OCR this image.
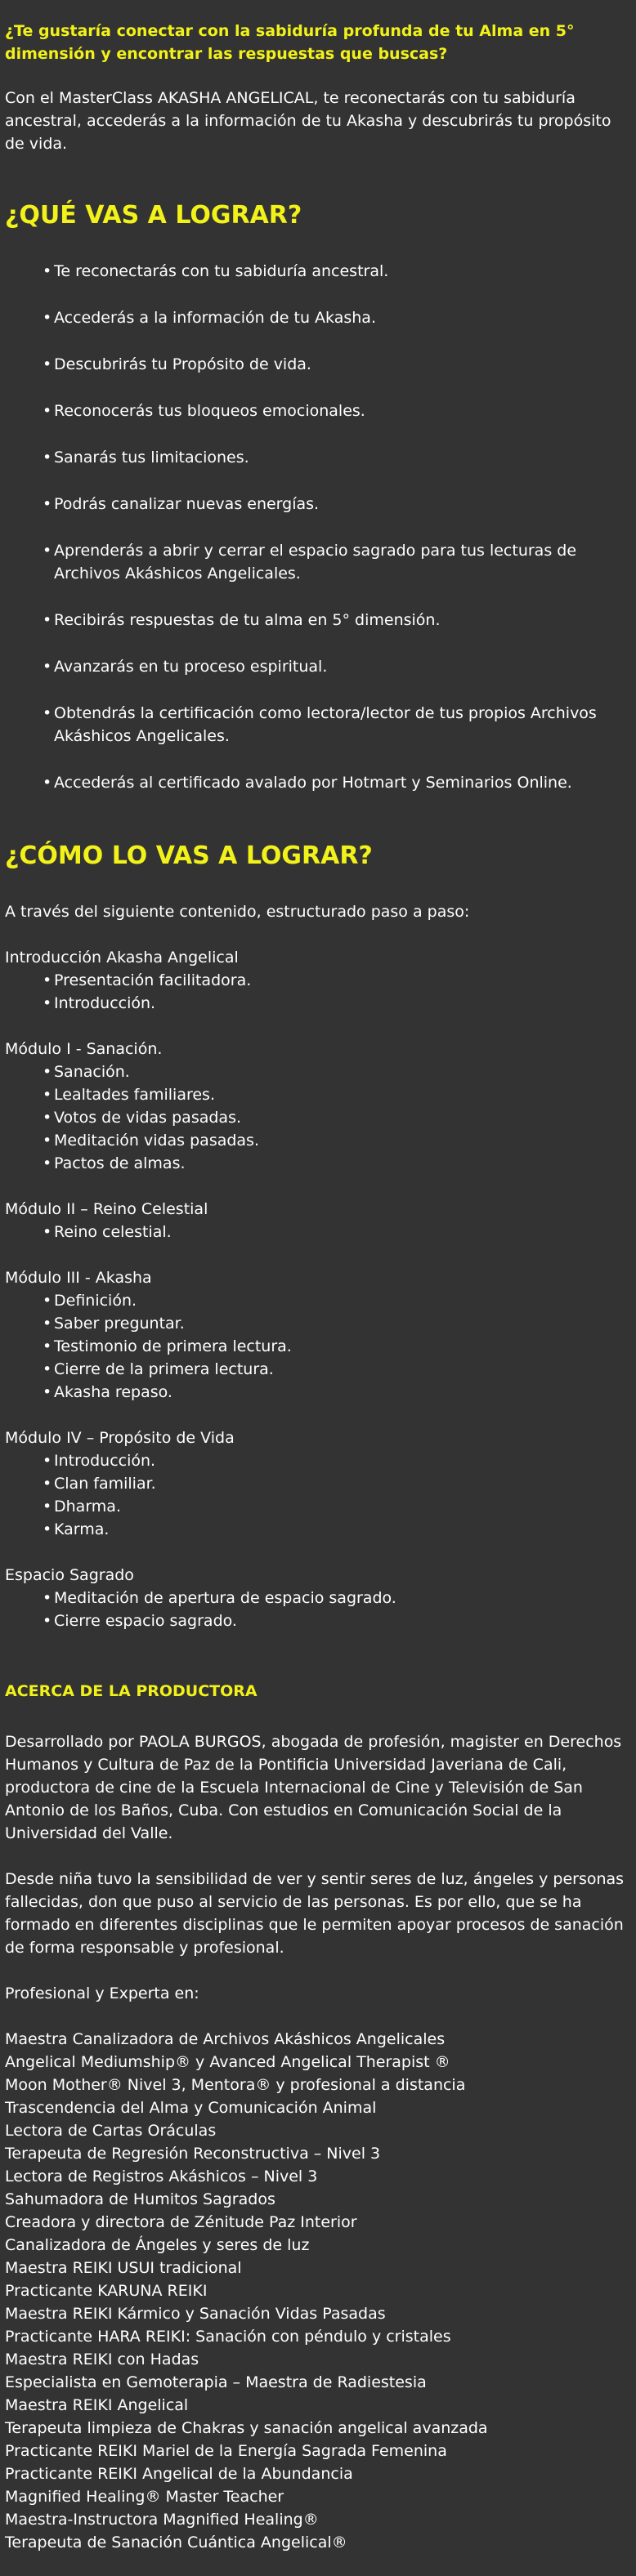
¿Te gustaría conectar con la sabiduría profunda de tu Alma en 5° dimensión y encontrar las respuestas que buscas?

Con el MasterClass AKASHA ANGELICAL, te reconectarás con tu sabiduría ancestral, accederás a la información de tu Akasha y descubrirás tu propósito de vida.

¿QUÉ VAS A LOGRAR?
• Te reconectarás con tu sabiduría ancestral.
• Accederás a la información de tu Akasha.
• Descubrirás tu Propósito de vida.
• Reconocerás tus bloqueos emocionales.
• Sanarás tus limitaciones.
• Podrás canalizar nuevas energías.
• Aprenderás a abrir y cerrar el espacio sagrado para tus lecturas de Archivos Akáshicos Angelicales.
• Recibirás respuestas de tu alma en 5° dimensión.
• Avanzarás en tu proceso espiritual.
• Obtendrás la certificación como lectora/lector de tus propios Archivos Akáshicos Angelicales.
• Accederás al certificado avalado por Hotmart y Seminarios Online.
¿CÓMO LO VAS A LOGRAR?

A través del siguiente contenido, estructurado paso a paso:

Introducción Akasha Angelical

• Presentación facilitadora.
• Introducción.

Módulo I - Sanación.

• Sanación.
• Lealtades familiares.
• Votos de vidas pasadas.
• Meditación vidas pasadas.
• Pactos de almas.

Módulo II – Reino Celestial

• Reino celestial.

Módulo III - Akasha

• Definición.
• Saber preguntar.
• Testimonio de primera lectura.
• Cierre de la primera lectura.
• Akasha repaso.

Módulo IV – Propósito de Vida

• Introducción.
• Clan familiar.
• Dharma.
• Karma.

Espacio Sagrado

• Meditación de apertura de espacio sagrado.
• Cierre espacio sagrado.
ACERCA DE LA PRODUCTORA

Desarrollado por PAOLA BURGOS, abogada de profesión, magister en Derechos Humanos y Cultura de Paz de la Pontificia Universidad Javeriana de Cali, productora de cine de la Escuela Internacional de Cine y Televisión de San Antonio de los Baños, Cuba. Con estudios en Comunicación Social de la Universidad del Valle.

Desde niña tuvo la sensibilidad de ver y sentir seres de luz, ángeles y personas fallecidas, don que puso al servicio de las personas. Es por ello, que se ha formado en diferentes disciplinas que le permiten apoyar procesos de sanación de forma responsable y profesional.

Profesional y Experta en:

Maestra Canalizadora de Archivos Akáshicos Angelicales
Angelical Mediumship® y Avanced Angelical Therapist ®
Moon Mother® Nivel 3, Mentora® y profesional a distancia
Trascendencia del Alma y Comunicación Animal
Lectora de Cartas Oráculas
Terapeuta de Regresión Reconstructiva – Nivel 3
Lectora de Registros Akáshicos – Nivel 3
Sahumadora de Humitos Sagrados
Creadora y directora de Zénitude Paz Interior
Canalizadora de Ángeles y seres de luz
Maestra REIKI USUI tradicional
Practicante KARUNA REIKI
Maestra REIKI Kármico y Sanación Vidas Pasadas
Practicante HARA REIKI: Sanación con péndulo y cristales
Maestra REIKI con Hadas
Especialista en Gemoterapia – Maestra de Radiestesia
Maestra REIKI Angelical
Terapeuta limpieza de Chakras y sanación angelical avanzada
Practicante REIKI Mariel de la Energía Sagrada Femenina
Practicante REIKI Angelical de la Abundancia
Magnified Healing® Master Teacher
Maestra-Instructora Magnified Healing®
Terapeuta de Sanación Cuántica Angelical®
